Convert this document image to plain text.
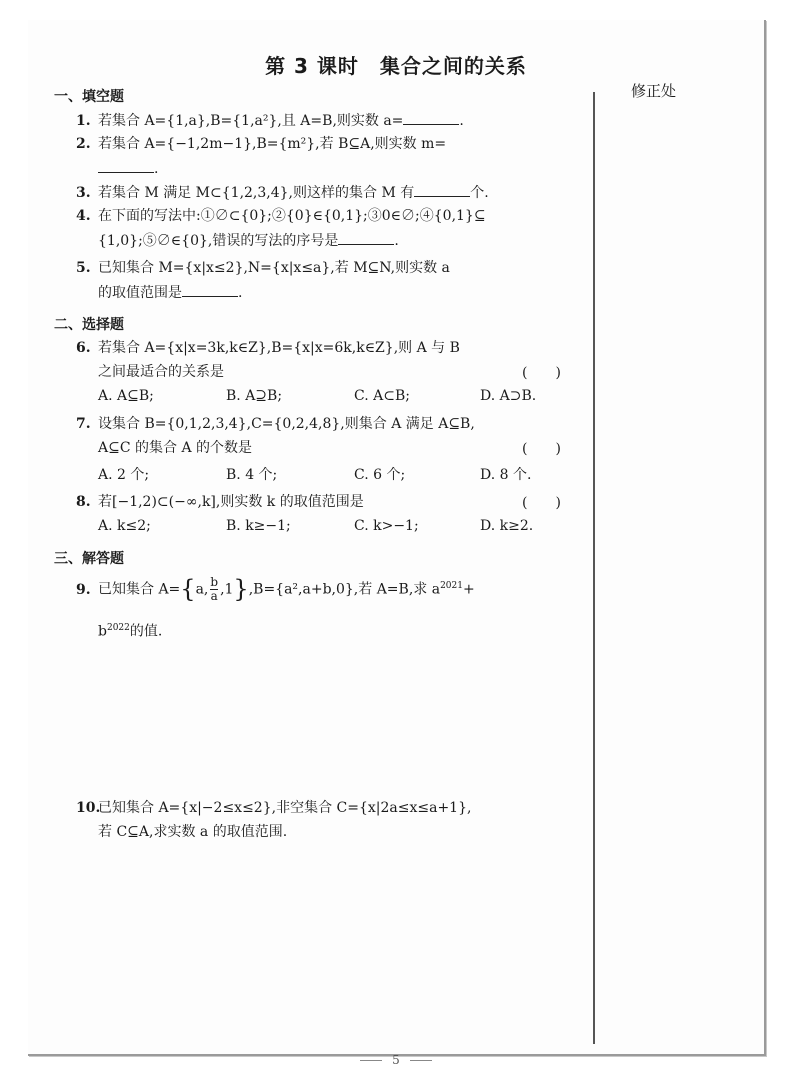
第 3 课时　集合之间的关系
修正处
一、填空题
1. 若集合 A={1,a},B={1,a²},且 A=B,则实数 a=	.
2. 若集合 A={−1,2m−1},B={m²},若 B⊆A,则实数 m=
.
3. 若集合 M 满足 M⊂{1,2,3,4},则这样的集合 M 有	个.
4. 在下面的写法中:①∅⊂{0};②{0}∈{0,1};③0∈∅;④{0,1}⊆
{1,0};⑤∅∈{0},错误的写法的序号是	.
5. 已知集合 M={x|x≤2},N={x|x≤a},若 M⊆N,则实数 a
的取值范围是	.
二、选择题
6. 若集合 A={x|x=3k,k∈Z},B={x|x=6k,k∈Z},则 A 与 B
之间最适合的关系是	(　　)
A. A⊆B;	B. A⊇B;	C. A⊂B;	D. A⊃B.
7. 设集合 B={0,1,2,3,4},C={0,2,4,8},则集合 A 满足 A⊆B,
A⊆C 的集合 A 的个数是	(　　)
A. 2 个;	B. 4 个;	C. 6 个;	D. 8 个.
8. 若[−1,2)⊂(−∞,k],则实数 k 的取值范围是	(　　)
A. k≤2;	B. k≥−1;	C. k>−1;	D. k≥2.
三、解答题
9. 已知集合 A={a, $\frac{b}{a} ,1\},B=\{a^2,a+b,0\}$,若 A=B,求 $a^{2021}+$
$b^{2022}$的值.
10.已知集合 A={x|−2≤x≤2},非空集合 C={x|2a≤x≤a+1},
若 C⊆A,求实数 a 的取值范围.
5
